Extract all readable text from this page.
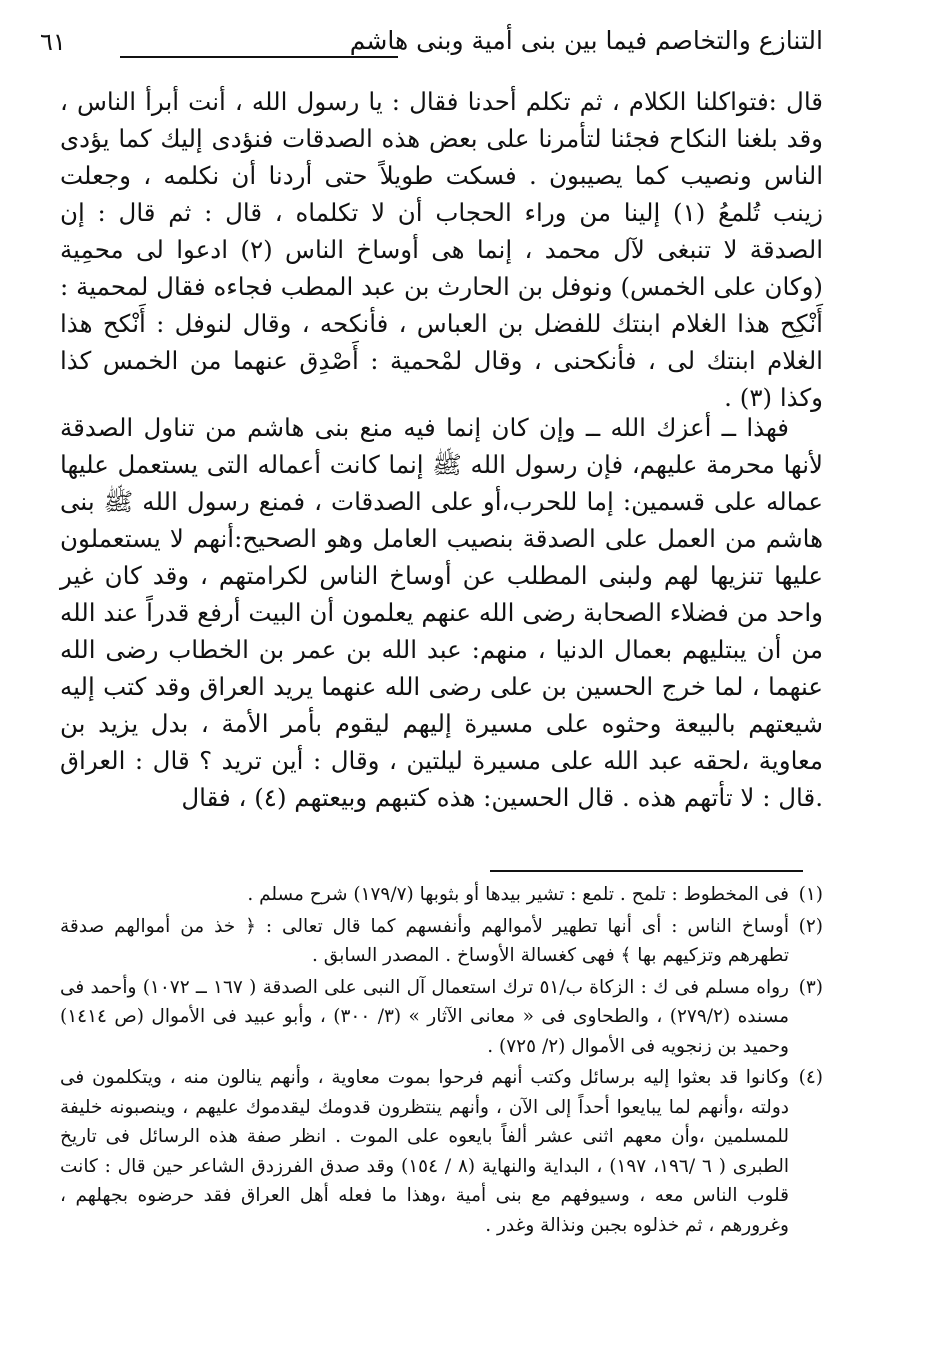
التنازع والتخاصم فيما بين بنى أمية وبنى هاشم
٦١

قال :فتواكلنا الكلام ، ثم تكلم أحدنا فقال : يا رسول الله ، أنت أبرأ الناس ، وقد بلغنا النكاح فجئنا لتأمرنا على بعض هذه الصدقات فنؤدى إليك كما يؤدى الناس ونصيب كما يصيبون . فسكت طويلاً حتى أردنا أن نكلمه ، وجعلت زينب تُلمعُ (١) إلينا من وراء الحجاب أن لا تكلماه ، قال : ثم قال : إن الصدقة لا تنبغى لآل محمد ، إنما هى أوساخ الناس (٢) ادعوا لى محمِية (وكان على الخمس) ونوفل بن الحارث بن عبد المطب فجاءه فقال لمحمية : أَنْكِح هذا الغلام ابنتك للفضل بن العباس ، فأنكحه ، وقال لنوفل : أَنْكح هذا الغلام ابنتك لى ، فأنكحنى ، وقال لمْحمية : أَصْدِق عنهما من الخمس كذا وكذا (٣) .

فهذا ــ أعزك الله ــ وإن كان إنما فيه منع بنى هاشم من تناول الصدقة لأنها محرمة عليهم، فإن رسول الله ﷺ إنما كانت أعماله التى يستعمل عليها عماله على قسمين: إما للحرب،أو على الصدقات ، فمنع رسول الله ﷺ بنى هاشم من العمل على الصدقة بنصيب العامل وهو الصحيح:أنهم لا يستعملون عليها تنزيها لهم ولبنى المطلب عن أوساخ الناس لكرامتهم ، وقد كان غير واحد من فضلاء الصحابة رضى الله عنهم يعلمون أن البيت أرفع قدراً عند الله من أن يبتليهم بعمال الدنيا ، منهم: عبد الله بن عمر بن الخطاب رضى الله عنهما ، لما خرج الحسين بن على رضى الله عنهما يريد العراق وقد كتب إليه شيعتهم بالبيعة وحثوه على مسيرة إليهم ليقوم بأمر الأمة ، بدل يزيد بن معاوية ،لحقه عبد الله على مسيرة ليلتين ، وقال : أين تريد ؟ قال : العراق .قال : لا تأتهم هذه . قال الحسين: هذه كتبهم وبيعتهم (٤) ، فقال

(١)فى المخطوط : تلمح . تلمع : تشير بيدها أو بثوبها (١٧٩/٧) شرح مسلم .

(٢)أوساخ الناس : أى أنها تطهير لأموالهم وأنفسهم كما قال تعالى : ﴿ خذ من أموالهم صدقة تطهرهم وتزكيهم بها ﴾ فهى كغسالة الأوساخ . المصدر السابق .

(٣)رواه مسلم فى ك : الزكاة ب/٥١ ترك استعمال آل النبى على الصدقة ( ١٦٧ ــ ١٠٧٢) وأحمد فى مسنده (٢٧٩/٢) ، والطحاوى فى « معانى الآثار » (٣/ ٣٠٠) ، وأبو عبيد فى الأموال (ص ١٤١٤) وحميد بن زنجويه فى الأموال (٢/ ٧٢٥) .

(٤)وكانوا قد بعثوا إليه برسائل وكتب أنهم فرحوا بموت معاوية ، وأنهم ينالون منه ، ويتكلمون فى دولته ،وأنهم لما يبايعوا أحداً إلى الآن ، وأنهم ينتظرون قدومك ليقدموك عليهم ، وينصبونه خليفة للمسلمين ،وأن معهم اثنى عشر ألفاً بايعوه على الموت . انظر صفة هذه الرسائل فى تاريخ الطبرى ( ٦ /١٩٦، ١٩٧) ، البداية والنهاية (٨ / ١٥٤) وقد صدق الفرزدق الشاعر حين قال : كانت قلوب الناس معه ، وسيوفهم مع بنى أمية ،وهذا ما فعله أهل العراق فقد حرضوه بجهلهم ، وغرورهم ، ثم خذلوه بجبن ونذالة وغدر .
